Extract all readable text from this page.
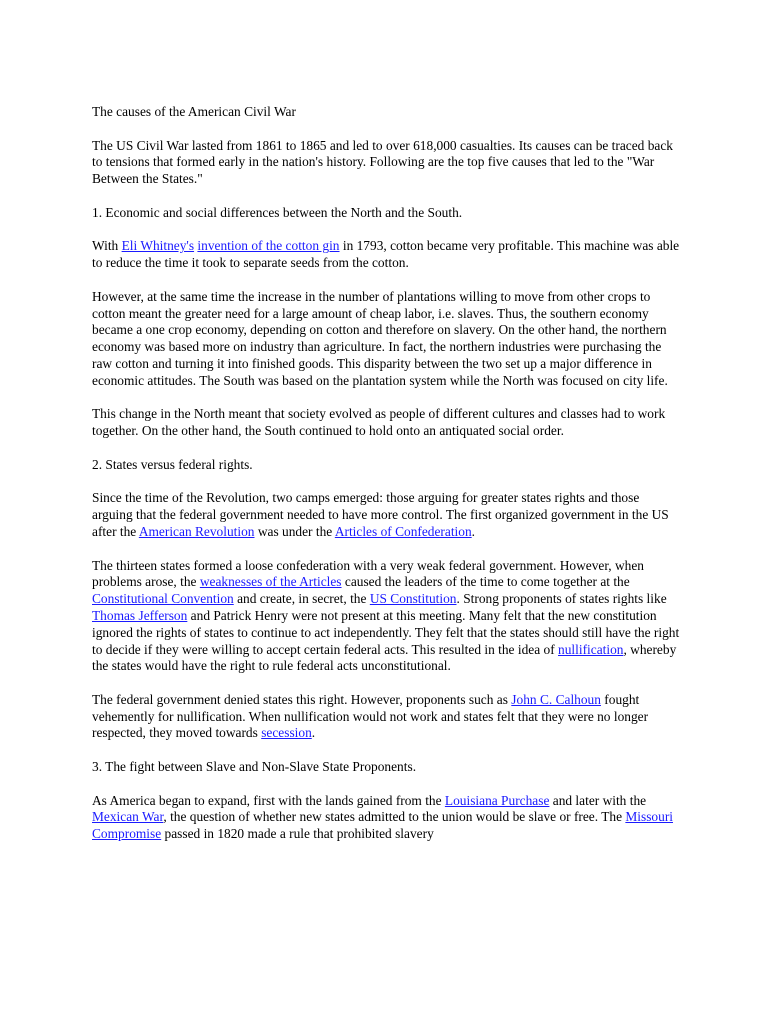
The causes of the American Civil War

The US Civil War lasted from 1861 to 1865 and led to over 618,000 casualties. Its causes can be traced back to tensions that formed early in the nation's history. Following are the top five causes that led to the "War Between the States."

1. Economic and social differences between the North and the South.

With Eli Whitney's invention of the cotton gin in 1793, cotton became very profitable. This machine was able to reduce the time it took to separate seeds from the cotton.

However, at the same time the increase in the number of plantations willing to move from other crops to cotton meant the greater need for a large amount of cheap labor, i.e. slaves. Thus, the southern economy became a one crop economy, depending on cotton and therefore on slavery. On the other hand, the northern economy was based more on industry than agriculture. In fact, the northern industries were purchasing the raw cotton and turning it into finished goods. This disparity between the two set up a major difference in economic attitudes. The South was based on the plantation system while the North was focused on city life.

This change in the North meant that society evolved as people of different cultures and classes had to work together. On the other hand, the South continued to hold onto an antiquated social order.

2. States versus federal rights.

Since the time of the Revolution, two camps emerged: those arguing for greater states rights and those arguing that the federal government needed to have more control. The first organized government in the US after the American Revolution was under the Articles of Confederation.

The thirteen states formed a loose confederation with a very weak federal government. However, when problems arose, the weaknesses of the Articles caused the leaders of the time to come together at the Constitutional Convention and create, in secret, the US Constitution. Strong proponents of states rights like Thomas Jefferson and Patrick Henry were not present at this meeting. Many felt that the new constitution ignored the rights of states to continue to act independently. They felt that the states should still have the right to decide if they were willing to accept certain federal acts. This resulted in the idea of nullification, whereby the states would have the right to rule federal acts unconstitutional.

The federal government denied states this right. However, proponents such as John C. Calhoun fought vehemently for nullification. When nullification would not work and states felt that they were no longer respected, they moved towards secession.

3. The fight between Slave and Non-Slave State Proponents.

As America began to expand, first with the lands gained from the Louisiana Purchase and later with the Mexican War, the question of whether new states admitted to the union would be slave or free. The Missouri Compromise passed in 1820 made a rule that prohibited slavery
